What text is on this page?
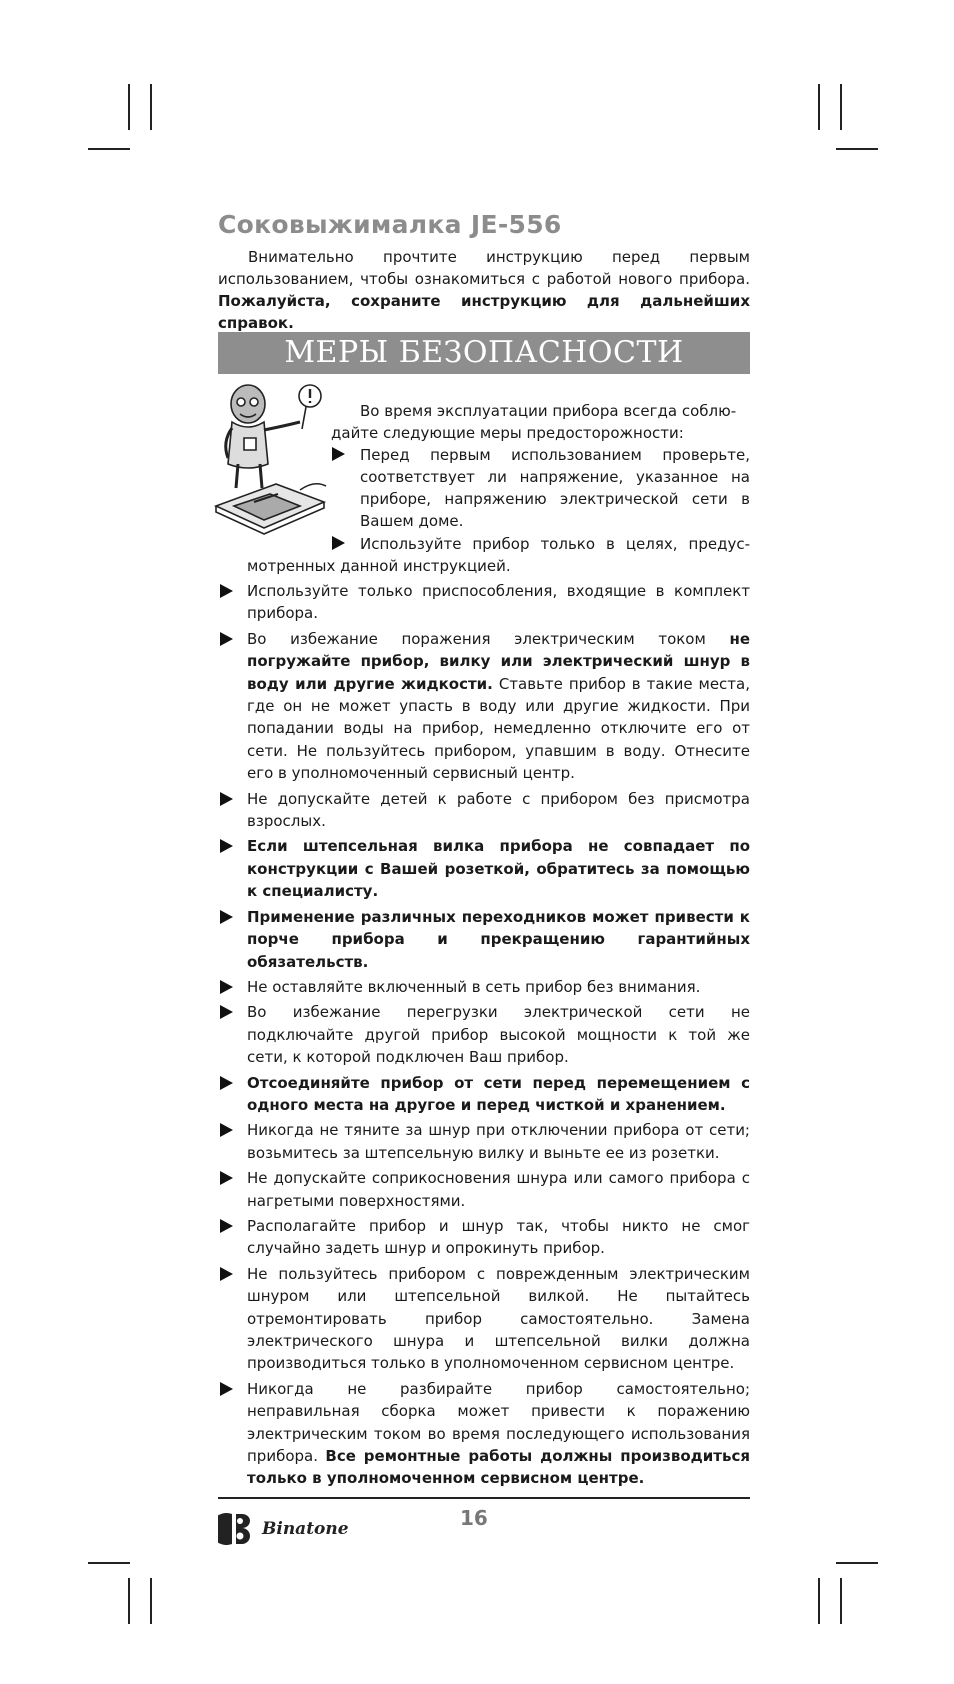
Соковыжималка JE-556
Внимательно прочтите инструкцию перед первым использованием, чтобы ознакомиться с работой нового прибора. Пожалуйста, сохраните инструкцию для дальнейших справок.
МЕРЫ БЕЗОПАСНОСТИ
Во время эксплуатации прибора всегда соблю-
дайте следующие меры предосторожности:
Перед первым использованием проверьте,
соответствует ли напряжение, указанное на
приборе, напряжению электрической сети в
Вашем доме.
Используйте прибор только в целях, предус-
мотренных данной инструкцией.
Используйте только приспособления, входящие в комплект прибора.
Во избежание поражения электрическим током не погружайте прибор, вилку или электрический шнур в воду или другие жидкости. Ставьте прибор в такие места, где он не может упасть в воду или другие жидкости. При попадании воды на прибор, немедленно отключите его от сети. Не пользуйтесь прибором, упавшим в воду. Отнесите его в уполномоченный сервисный центр.
Не допускайте детей к работе с прибором без присмотра взрослых.
Если штепсельная вилка прибора не совпадает по конструкции с Вашей розеткой, обратитесь за помощью к специалисту.
Применение различных переходников может привести к порче прибора и прекращению гарантийных обязательств.
Не оставляйте включенный в сеть прибор без внимания.
Во избежание перегрузки электрической сети не подключайте другой прибор высокой мощности к той же сети, к которой подключен Ваш прибор.
Отсоединяйте прибор от сети перед перемещением с одного места на другое и перед чисткой и хранением.
Никогда не тяните за шнур при отключении прибора от сети; возьмитесь за штепсельную вилку и выньте ее из розетки.
Не допускайте соприкосновения шнура или самого прибора с нагретыми поверхностями.
Располагайте прибор и шнур так, чтобы никто не смог случайно задеть шнур и опрокинуть прибор.
Не пользуйтесь прибором с поврежденным электрическим шнуром или штепсельной вилкой. Не пытайтесь отремонтировать прибор самостоятельно. Замена электрического шнура и штепсельной вилки должна производиться только в уполномоченном сервисном центре.
Никогда не разбирайте прибор самостоятельно; неправильная сборка может привести к поражению электрическим током во время последующего использования прибора. Все ремонтные работы должны производиться только в уполномоченном сервисном центре.
Binatone	16
